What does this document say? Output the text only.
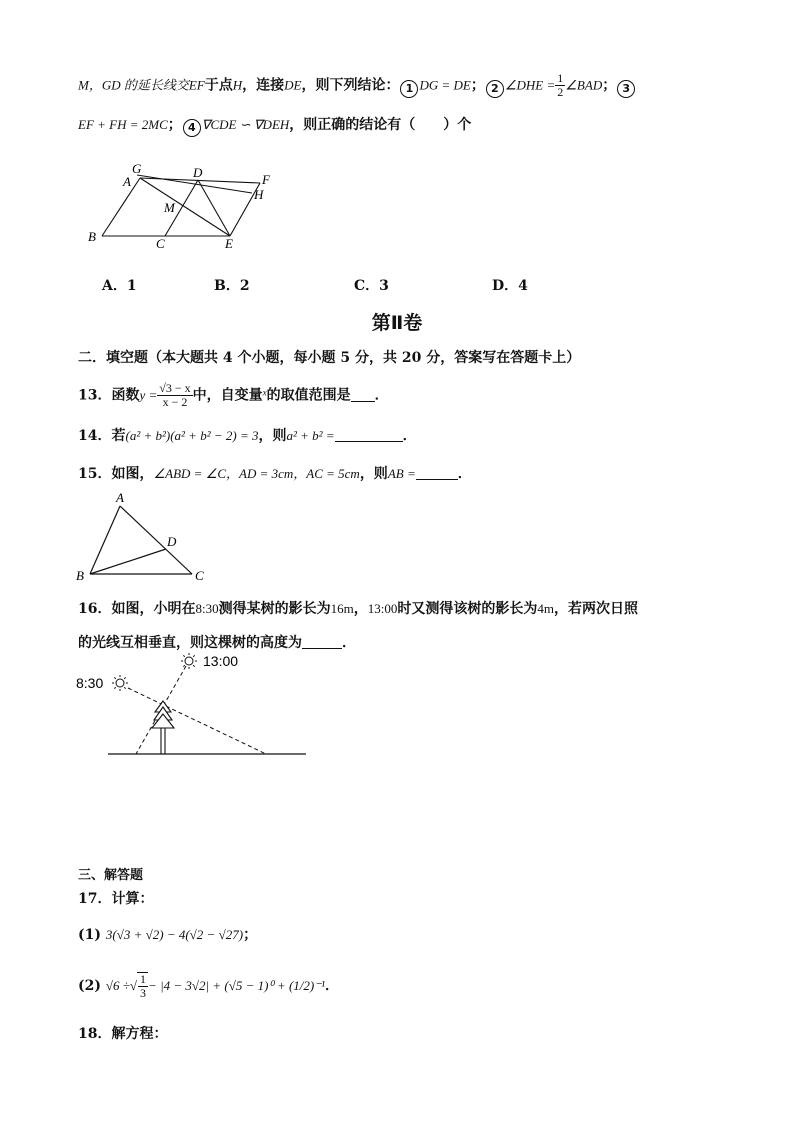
M，GD 的延长线交EF于点H，连接DE，则下列结论： 1 DG = DE； 2 ∠DHE = $\frac{1}{2}$ ∠BAD； 3
EF + FH = 2MC； 4 ∇CDE ∽ ∇DEH，则正确的结论有（　　）个
G
A
D	F
H
M
B	C	E
A．1	B．2	C．3	D．4
第Ⅱ卷
二．填空题（本大题共 4 个小题，每小题 5 分，共 20 分，答案写在答题卡上）
13．函数$y = \frac{√3 - x}{x - 2}$ 中，自变量$^x$的取值范围是 ．
14．若(a² + b²)(a² + b² − 2) = 3，则a² + b² =	．
15．如图，∠ABD = ∠C，AD = 3cm，AC = 5cm，则AB =	．
A
D
B	C
16．如图，小明在8:30测得某树的影长为16m，13:00时又测得该树的影长为4m，若两次日照
的光线互相垂直，则这棵树的高度为	．
8:30
13:00
三、解答题
17．计算：
(1) 3(√3 + √2) − 4(√2 − √27)；
(2) √6 ÷√ $\frac{1}{3} - |4 - 3√2| + (√5 - 1)^0 + (1/2)^{-1}$．
18．解方程：
